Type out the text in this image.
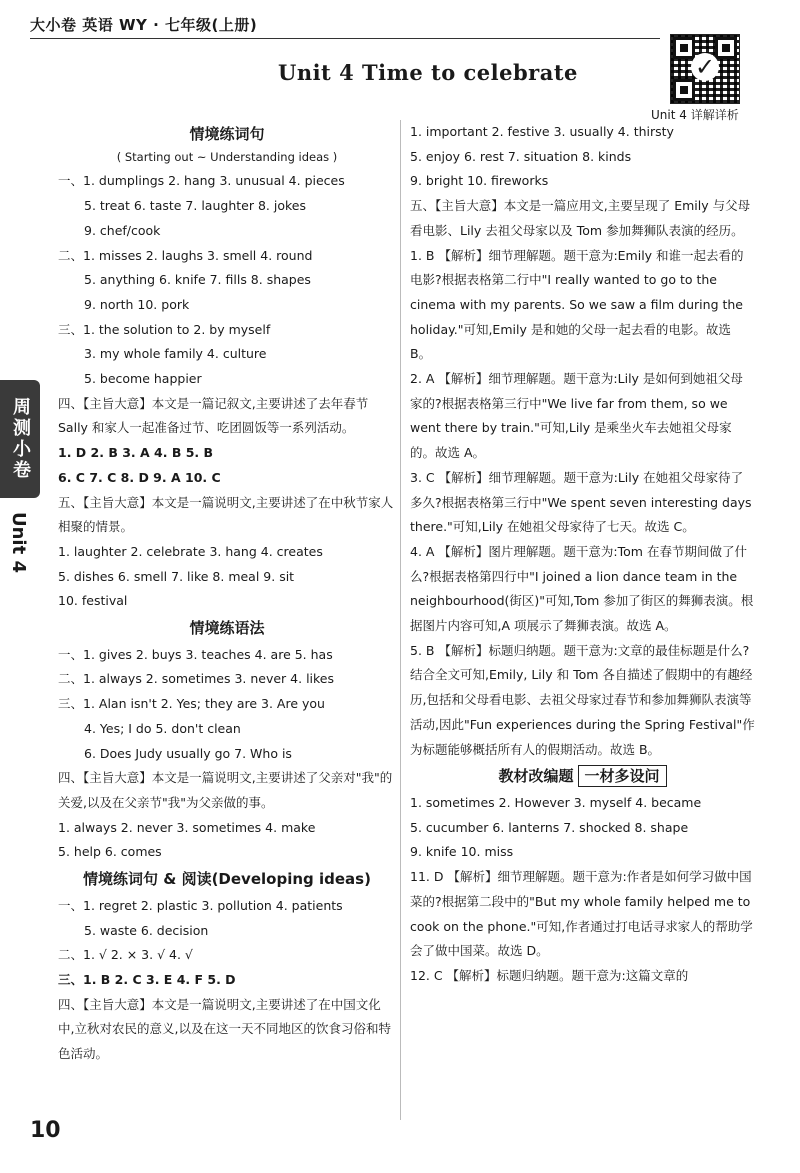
大小卷 英语 WY · 七年级(上册)
Unit 4 Time to celebrate	✓
Unit 4 详解详析
周测小卷
Unit 4
情境练词句
( Starting out ~ Understanding ideas )
一、1. dumplings 2. hang 3. unusual 4. pieces
5. treat 6. taste 7. laughter 8. jokes
9. chef/cook
二、1. misses 2. laughs 3. smell 4. round
5. anything 6. knife 7. fills 8. shapes
9. north 10. pork
三、1. the solution to 2. by myself
3. my whole family 4. culture
5. become happier
四、【主旨大意】本文是一篇记叙文,主要讲述了去年春节 Sally 和家人一起准备过节、吃团圆饭等一系列活动。
1. D 2. B 3. A 4. B 5. B
6. C 7. C 8. D 9. A 10. C
五、【主旨大意】本文是一篇说明文,主要讲述了在中秋节家人相聚的情景。
1. laughter 2. celebrate 3. hang 4. creates
5. dishes 6. smell 7. like 8. meal 9. sit
10. festival
情境练语法
一、1. gives 2. buys 3. teaches 4. are 5. has
二、1. always 2. sometimes 3. never 4. likes
三、1. Alan isn't 2. Yes; they are 3. Are you
4. Yes; I do 5. don't clean
6. Does Judy usually go 7. Who is
四、【主旨大意】本文是一篇说明文,主要讲述了父亲对"我"的关爱,以及在父亲节"我"为父亲做的事。
1. always 2. never 3. sometimes 4. make
5. help 6. comes
情境练词句 & 阅读(Developing ideas)
一、1. regret 2. plastic 3. pollution 4. patients
5. waste 6. decision
二、1. √ 2. × 3. √ 4. √
三、1. B 2. C 3. E 4. F 5. D
四、【主旨大意】本文是一篇说明文,主要讲述了在中国文化中,立秋对农民的意义,以及在这一天不同地区的饮食习俗和特色活动。
1. important 2. festive 3. usually 4. thirsty
5. enjoy 6. rest 7. situation 8. kinds
9. bright 10. fireworks
五、【主旨大意】本文是一篇应用文,主要呈现了 Emily 与父母看电影、Lily 去祖父母家以及 Tom 参加舞狮队表演的经历。
1. B 【解析】细节理解题。题干意为:Emily 和谁一起去看的电影?根据表格第二行中"I really wanted to go to the cinema with my parents. So we saw a film during the holiday."可知,Emily 是和她的父母一起去看的电影。故选 B。
2. A 【解析】细节理解题。题干意为:Lily 是如何到她祖父母家的?根据表格第三行中"We live far from them, so we went there by train."可知,Lily 是乘坐火车去她祖父母家的。故选 A。
3. C 【解析】细节理解题。题干意为:Lily 在她祖父母家待了多久?根据表格第三行中"We spent seven interesting days there."可知,Lily 在她祖父母家待了七天。故选 C。
4. A 【解析】图片理解题。题干意为:Tom 在春节期间做了什么?根据表格第四行中"I joined a lion dance team in the neighbourhood(街区)"可知,Tom 参加了街区的舞狮表演。根据图片内容可知,A 项展示了舞狮表演。故选 A。
5. B 【解析】标题归纳题。题干意为:文章的最佳标题是什么?结合全文可知,Emily, Lily 和 Tom 各自描述了假期中的有趣经历,包括和父母看电影、去祖父母家过春节和参加舞狮队表演等活动,因此"Fun experiences during the Spring Festival"作为标题能够概括所有人的假期活动。故选 B。
教材改编题 一材多设问
1. sometimes 2. However 3. myself 4. became
5. cucumber 6. lanterns 7. shocked 8. shape
9. knife 10. miss
11. D 【解析】细节理解题。题干意为:作者是如何学习做中国菜的?根据第二段中的"But my whole family helped me to cook on the phone."可知,作者通过打电话寻求家人的帮助学会了做中国菜。故选 D。
12. C 【解析】标题归纳题。题干意为:这篇文章的
10
